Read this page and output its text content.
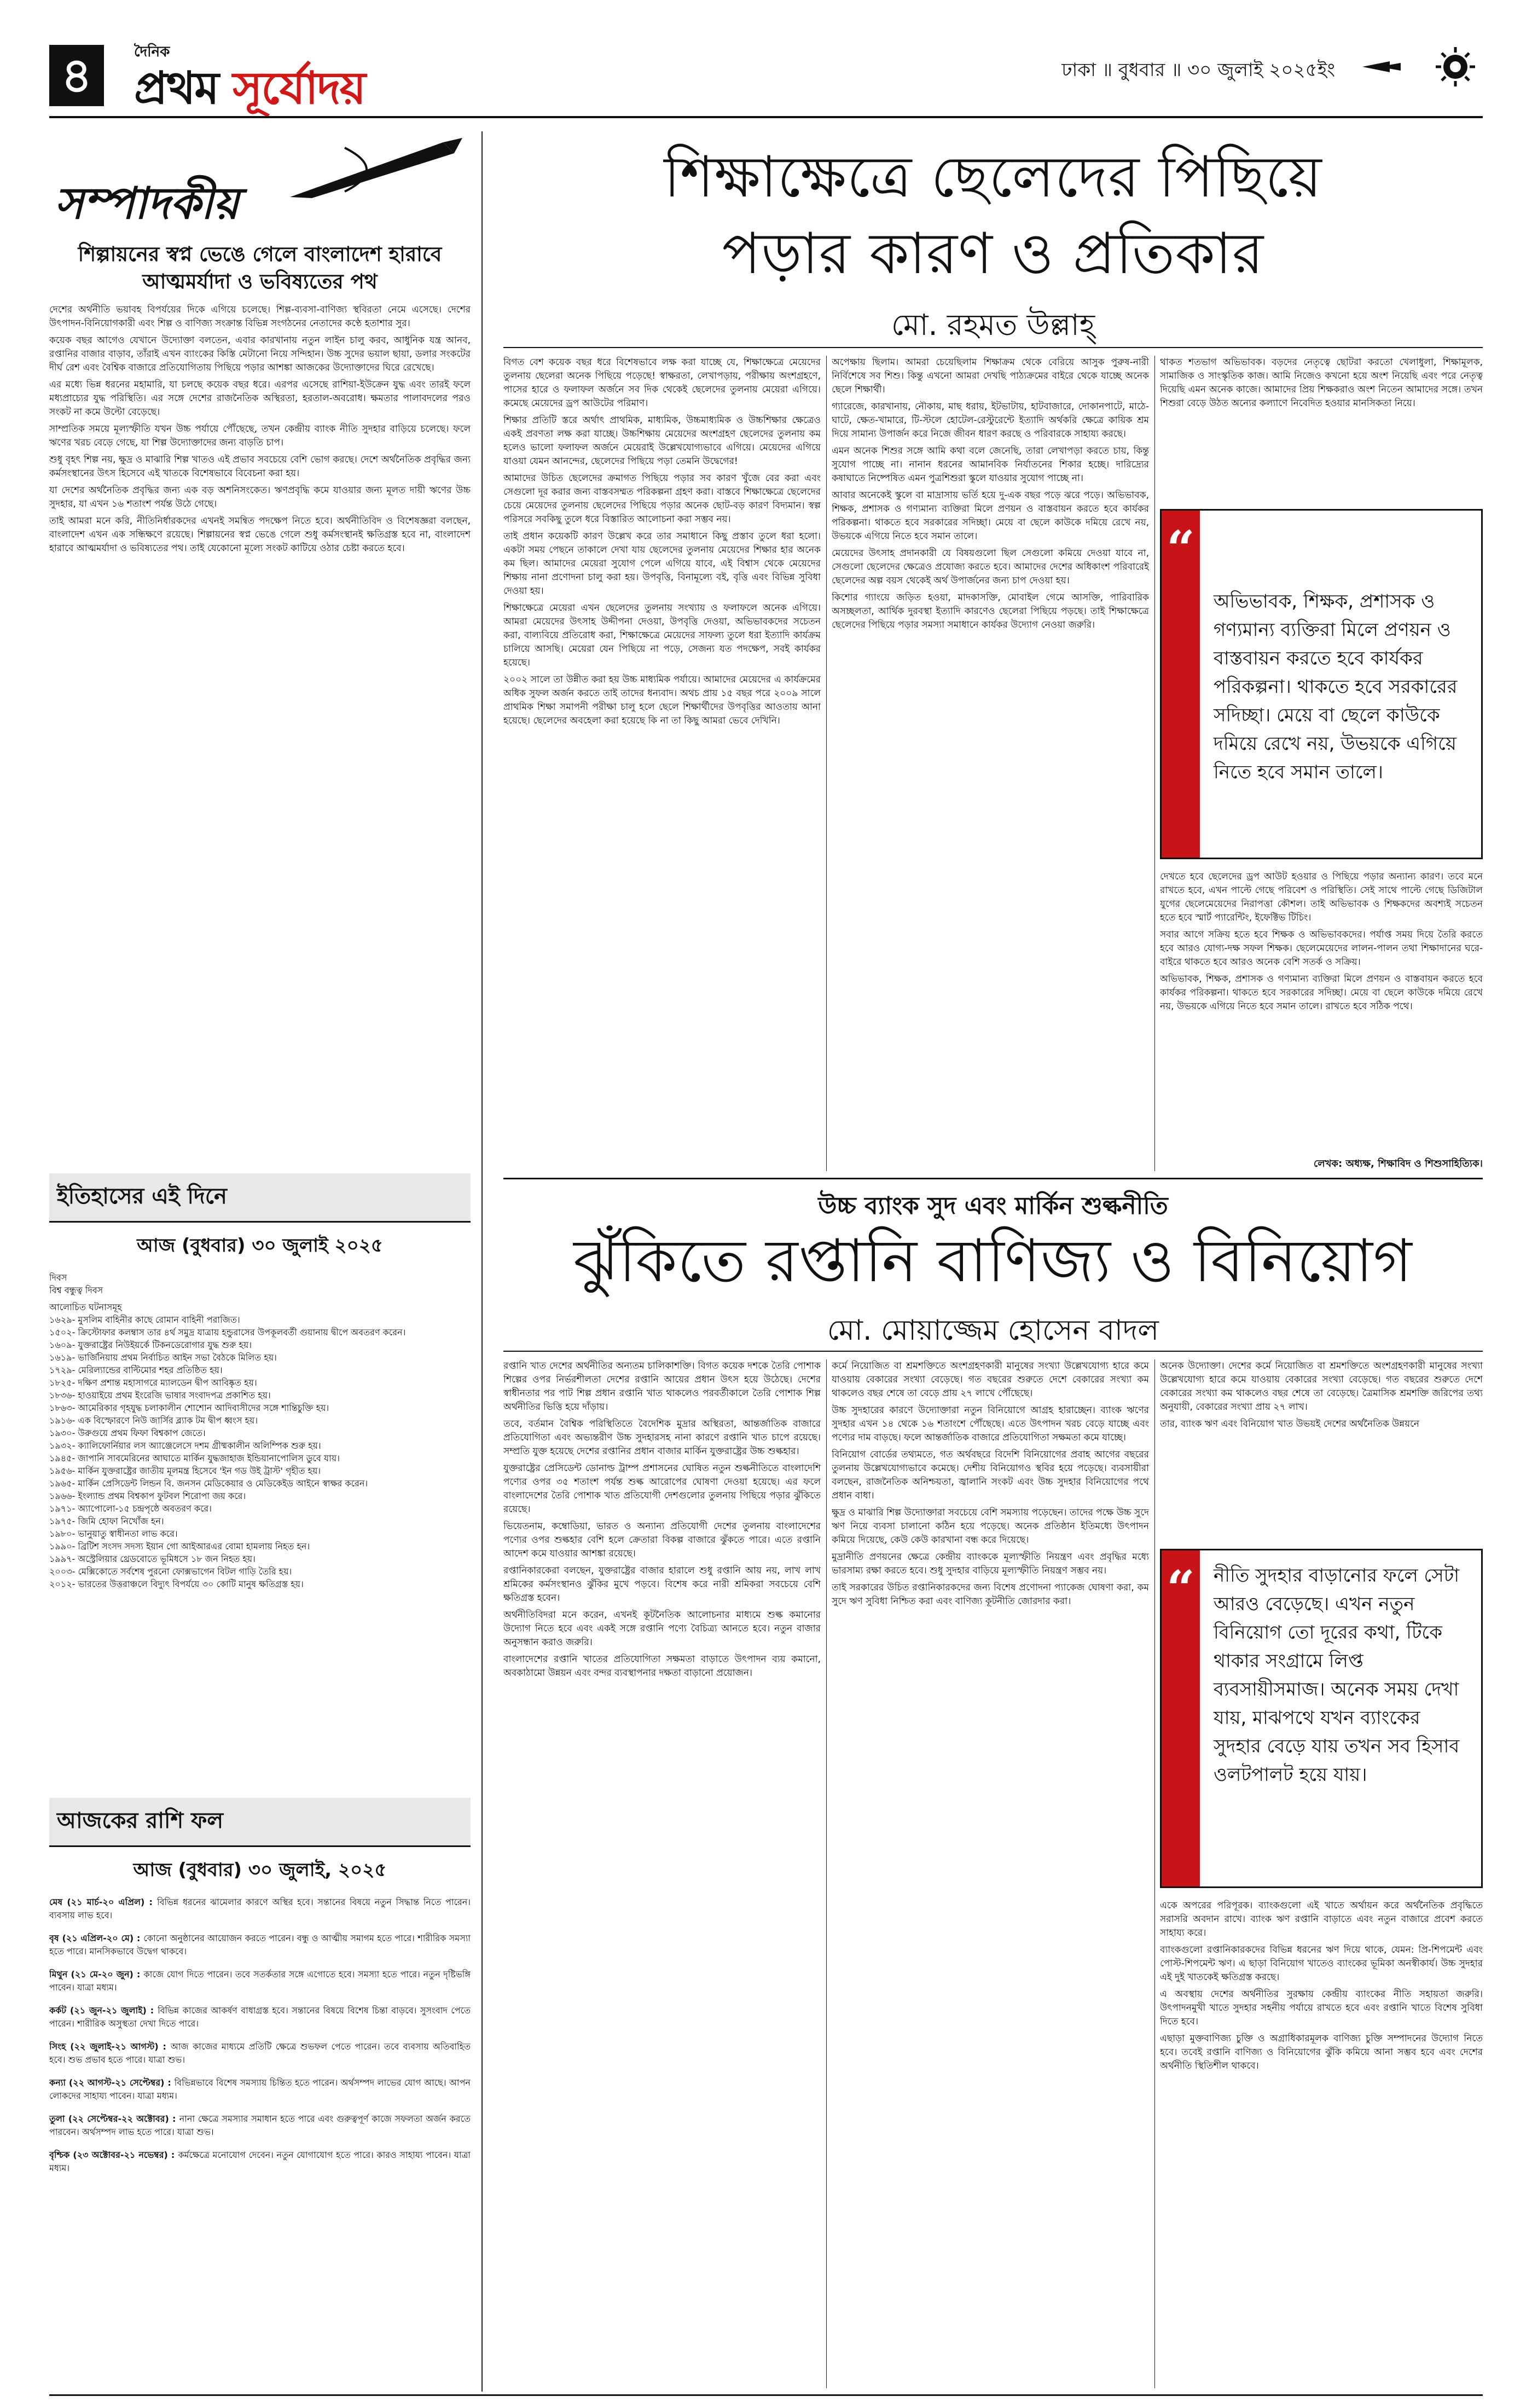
৪	দৈনিক
প্রথম সূর্যোদয়	ঢাকা ॥ বুধবার ॥ ৩০ জুলাই ২০২৫ইং
সম্পাদকীয়
শিল্পায়নের স্বপ্ন ভেঙে গেলে বাংলাদেশ হারাবে আত্মমর্যাদা ও ভবিষ্যতের পথ

দেশের অর্থনীতি ভয়াবহ বিপর্যয়ের দিকে এগিয়ে চলেছে। শিল্প-ব্যবসা-বাণিজ্য স্থবিরতা নেমে এসেছে। দেশের উৎপাদন-বিনিয়োগকারী এবং শিল্প ও বাণিজ্য সংক্রান্ত বিভিন্ন সংগঠনের নেতাদের কণ্ঠে হতাশার সুর।

কয়েক বছর আগেও যেখানে উদ্যোক্তা বলতেন, এবার কারখানায় নতুন লাইন চালু করব, আধুনিক যন্ত্র আনব, রপ্তানির বাজার বাড়াব, তাঁরাই এখন ব্যাংকের কিস্তি মেটানো নিয়ে সন্দিহান। উচ্চ সুদের ভয়াল ছায়া, ডলার সংকটের দীর্ঘ রেশ এবং বৈশ্বিক বাজারে প্রতিযোগিতায় পিছিয়ে পড়ার আশঙ্কা আজকের উদ্যোক্তাদের ঘিরে রেখেছে।

এর মধ্যে ভিন্ন ধরনের মহামারি, যা চলছে কয়েক বছর ধরে। এরপর এসেছে রাশিয়া-ইউক্রেন যুদ্ধ এবং তারই ফলে মধ্যপ্রাচ্যের যুদ্ধ পরিস্থিতি। এর সঙ্গে দেশের রাজনৈতিক অস্থিরতা, হরতাল-অবরোধ। ক্ষমতার পালাবদলের পরও সংকট না কমে উল্টো বেড়েছে।

সাম্প্রতিক সময়ে মূল্যস্ফীতি যখন উচ্চ পর্যায়ে পৌঁছেছে, তখন কেন্দ্রীয় ব্যাংক নীতি সুদহার বাড়িয়ে চলেছে। ফলে ঋণের খরচ বেড়ে গেছে, যা শিল্প উদ্যোক্তাদের জন্য বাড়তি চাপ।

শুধু বৃহৎ শিল্প নয়, ক্ষুদ্র ও মাঝারি শিল্প খাতও এই প্রভাব সবচেয়ে বেশি ভোগ করছে। দেশে অর্থনৈতিক প্রবৃদ্ধির জন্য কর্মসংস্থানের উৎস হিসেবে এই খাতকে বিশেষভাবে বিবেচনা করা হয়।

যা দেশের অর্থনৈতিক প্রবৃদ্ধির জন্য এক বড় অশনিসংকেত। ঋণপ্রবৃদ্ধি কমে যাওয়ার জন্য মূলত দায়ী ঋণের উচ্চ সুদহার, যা এখন ১৬ শতাংশ পর্যন্ত উঠে গেছে।

তাই আমরা মনে করি, নীতিনির্ধারকদের এখনই সমন্বিত পদক্ষেপ নিতে হবে। অর্থনীতিবিদ ও বিশেষজ্ঞরা বলছেন, বাংলাদেশ এখন এক সন্ধিক্ষণে রয়েছে। শিল্পায়নের স্বপ্ন ভেঙে গেলে শুধু কর্মসংস্থানই ক্ষতিগ্রস্ত হবে না, বাংলাদেশ হারাবে আত্মমর্যাদা ও ভবিষ্যতের পথ। তাই যেকোনো মূল্যে সংকট কাটিয়ে ওঠার চেষ্টা করতে হবে।

ইতিহাসের এই দিনে
আজ (বুধবার) ৩০ জুলাই ২০২৫
দিবস
বিশ্ব বন্ধুত্ব দিবস
আলোচিত ঘটনাসমূহ
১৬২৯- মুসলিম বাহিনীর কাছে রোমান বাহিনী পরাজিত।
১৫০২- ক্রিস্টোফার কলম্বাস তার ৪র্থ সমুদ্র যাত্রায় হন্ডুরাসের উপকূলবর্তী গুয়ানায় দ্বীপে অবতরণ করেন।
১৬০৯- যুক্তরাষ্ট্রের নিউইয়র্কে টিকনডেরোগার যুদ্ধ শুরু হয়।
১৬১৯- ভার্জিনিয়ায় প্রথম নির্বাচিত আইন সভা বৈঠকে মিলিত হয়।
১৭২৯- মেরিল্যান্ডের বাল্টিমোর শহর প্রতিষ্ঠিত হয়।
১৮২৫- দক্ষিণ প্রশান্ত মহাসাগরে ম্যালডেন দ্বীপ আবিষ্কৃত হয়।
১৮৩৬- হাওয়াইয়ে প্রথম ইংরেজি ভাষার সংবাদপত্র প্রকাশিত হয়।
১৮৬৩- আমেরিকার গৃহযুদ্ধ চলাকালীন শোশোন আদিবাসীদের সঙ্গে শান্তিচুক্তি হয়।
১৯১৬- এক বিস্ফোরণে নিউ জার্সির ব্ল্যাক টম দ্বীপ ধ্বংস হয়।
১৯৩০- উরুগুয়ে প্রথম ফিফা বিশ্বকাপ জেতে।
১৯৩২- ক্যালিফোর্নিয়ার লস অ্যাঞ্জেলেসে দশম গ্রীষ্মকালীন অলিম্পিক শুরু হয়।
১৯৪৫- জাপানি সাবমেরিনের আঘাতে মার্কিন যুদ্ধজাহাজ ইন্ডিয়ানাপোলিস ডুবে যায়।
১৯৫৬- মার্কিন যুক্তরাষ্ট্রের জাতীয় মূলমন্ত্র হিসেবে 'ইন গড উই ট্রাস্ট' গৃহীত হয়।
১৯৬৫- মার্কিন প্রেসিডেন্ট লিন্ডন বি. জনসন মেডিকেয়ার ও মেডিকেইড আইনে স্বাক্ষর করেন।
১৯৬৬- ইংল্যান্ড প্রথম বিশ্বকাপ ফুটবল শিরোপা জয় করে।
১৯৭১- অ্যাপোলো-১৫ চন্দ্রপৃষ্ঠে অবতরণ করে।
১৯৭৫- জিমি হোফা নিখোঁজ হন।
১৯৮০- ভানুয়াতু স্বাধীনতা লাভ করে।
১৯৯০- ব্রিটিশ সংসদ সদস্য ইয়ান গো আইআরএর বোমা হামলায় নিহত হন।
১৯৯৭- অস্ট্রেলিয়ার থ্রেডবোতে ভূমিধসে ১৮ জন নিহত হয়।
২০০৩- মেক্সিকোতে সর্বশেষ পুরনো ফোক্সভাগেন বিটল গাড়ি তৈরি হয়।
২০১২- ভারতের উত্তরাঞ্চলে বিদ্যুৎ বিপর্যয়ে ৩০ কোটি মানুষ ক্ষতিগ্রস্ত হয়।
আজকের রাশি ফল
আজ (বুধবার) ৩০ জুলাই, ২০২৫

মেষ (২১ মার্চ-২০ এপ্রিল) : বিভিন্ন ধরনের ঝামেলার কারণে অস্থির হবে। সন্তানের বিষয়ে নতুন সিদ্ধান্ত নিতে পারেন। ব্যবসায় লাভ হবে।

বৃষ (২১ এপ্রিল-২০ মে) : কোনো অনুষ্ঠানের আয়োজন করতে পারেন। বন্ধু ও আত্মীয় সমাগম হতে পারে। শারীরিক সমস্যা হতে পারে। মানসিকভাবে উদ্বেগ থাকবে।

মিথুন (২১ মে-২০ জুন) : কাজে যোগ দিতে পারেন। তবে সতর্কতার সঙ্গে এগোতে হবে। সমস্যা হতে পারে। নতুন দৃষ্টিভঙ্গি পাবেন। যাত্রা মধ্যম।

কর্কট (২১ জুন-২১ জুলাই) : বিভিন্ন কাজের আকর্ষণ বাধাগ্রস্ত হবে। সন্তানের বিষয়ে বিশেষ চিন্তা বাড়বে। সুসংবাদ পেতে পারেন। শারীরিক অসুস্থতা দেখা দিতে পারে।

সিংহ (২২ জুলাই-২১ আগস্ট) : আজ কাজের মাধ্যমে প্রতিটি ক্ষেত্রে শুভফল পেতে পারেন। তবে ব্যবসায় অতিবাহিত হবে। শুভ প্রভাব হতে পারে। যাত্রা শুভ।

কন্যা (২২ আগস্ট-২১ সেপ্টেম্বর) : বিভিন্নভাবে বিশেষ সমস্যায় চিন্তিত হতে পারেন। অর্থসম্পদ লাভের যোগ আছে। আপন লোকদের সাহায্য পাবেন। যাত্রা মধ্যম।

তুলা (২২ সেপ্টেম্বর-২২ অক্টোবর) : নানা ক্ষেত্রে সমস্যার সমাধান হতে পারে এবং গুরুত্বপূর্ণ কাজে সফলতা অর্জন করতে পারবেন। অর্থসম্পদ লাভ হতে পারে। যাত্রা শুভ।

বৃশ্চিক (২৩ অক্টোবর-২১ নভেম্বর) : কর্মক্ষেত্রে মনোযোগ দেবেন। নতুন যোগাযোগ হতে পারে। কারও সাহায্য পাবেন। যাত্রা মধ্যম।

শিক্ষাক্ষেত্রে ছেলেদের পিছিয়ে
পড়ার কারণ ও প্রতিকার
মো. রহমত উল্লাহ্‌

বিগত বেশ কয়েক বছর ধরে বিশেষভাবে লক্ষ করা যাচ্ছে যে, শিক্ষাক্ষেত্রে মেয়েদের তুলনায় ছেলেরা অনেক পিছিয়ে পড়েছে! স্বাক্ষরতা, লেখাপড়ায়, পরীক্ষায় অংশগ্রহণে, পাসের হারে ও ফলাফল অর্জনে সব দিক থেকেই ছেলেদের তুলনায় মেয়েরা এগিয়ে। কমেছে মেয়েদের ড্রপ আউটের পরিমাণ।

শিক্ষার প্রতিটি স্তরে অর্থাৎ প্রাথমিক, মাধ্যমিক, উচ্চমাধ্যমিক ও উচ্চশিক্ষার ক্ষেত্রেও একই প্রবণতা লক্ষ করা যাচ্ছে। উচ্চশিক্ষায় মেয়েদের অংশগ্রহণ ছেলেদের তুলনায় কম হলেও ভালো ফলাফল অর্জনে মেয়েরাই উল্লেখযোগ্যভাবে এগিয়ে। মেয়েদের এগিয়ে যাওয়া যেমন আনন্দের, ছেলেদের পিছিয়ে পড়া তেমনি উদ্বেগের!

আমাদের উচিত ছেলেদের ক্রমাগত পিছিয়ে পড়ার সব কারণ খুঁজে বের করা এবং সেগুলো দূর করার জন্য বাস্তবসম্মত পরিকল্পনা গ্রহণ করা। বাস্তবে শিক্ষাক্ষেত্রে ছেলেদের চেয়ে মেয়েদের তুলনায় ছেলেদের পিছিয়ে পড়ার অনেক ছোট-বড় কারণ বিদ্যমান। স্বল্প পরিসরে সবকিছু তুলে ধরে বিস্তারিত আলোচনা করা সম্ভব নয়।

তাই প্রধান কয়েকটি কারণ উল্লেখ করে তার সমাধানে কিছু প্রস্তাব তুলে ধরা হলো। একটা সময় পেছনে তাকালে দেখা যায় ছেলেদের তুলনায় মেয়েদের শিক্ষার হার অনেক কম ছিল। আমাদের মেয়েরা সুযোগ পেলে এগিয়ে যাবে, এই বিশ্বাস থেকে মেয়েদের শিক্ষায় নানা প্রণোদনা চালু করা হয়। উপবৃত্তি, বিনামূল্যে বই, বৃত্তি এবং বিভিন্ন সুবিধা দেওয়া হয়।

শিক্ষাক্ষেত্রে মেয়েরা এখন ছেলেদের তুলনায় সংখ্যায় ও ফলাফলে অনেক এগিয়ে। আমরা মেয়েদের উৎসাহ উদ্দীপনা দেওয়া, উপবৃত্তি দেওয়া, অভিভাবকদের সচেতন করা, বাল্যবিয়ে প্রতিরোধ করা, শিক্ষাক্ষেত্রে মেয়েদের সাফল্য তুলে ধরা ইত্যাদি কার্যক্রম চালিয়ে আসছি। মেয়েরা যেন পিছিয়ে না পড়ে, সেজন্য যত পদক্ষেপ, সবই কার্যকর হয়েছে।

২০০২ সালে তা উন্নীত করা হয় উচ্চ মাধ্যমিক পর্যায়ে। আমাদের মেয়েদের এ কার্যক্রমের অধিক সুফল অর্জন করতে তাই তাদের ধন্যবাদ। অথচ প্রায় ১৫ বছর পরে ২০০৯ সালে প্রাথমিক শিক্ষা সমাপনী পরীক্ষা চালু হলে ছেলে শিক্ষার্থীদের উপবৃত্তির আওতায় আনা হয়েছে। ছেলেদের অবহেলা করা হয়েছে কি না তা কিছু আমরা ভেবে দেখিনি।

অপেক্ষায় ছিলাম। আমরা চেয়েছিলাম শিক্ষাক্রম থেকে বেরিয়ে আসুক পুরুষ-নারী নির্বিশেষে সব শিশু। কিন্তু এখনো আমরা দেখছি পাঠ্যক্রমের বাইরে থেকে যাচ্ছে অনেক ছেলে শিক্ষার্থী।

গ্যারেজে, কারখানায়, নৌকায়, মাছ ধরায়, ইটভাটায়, হাটবাজারে, দোকানপাটে, মাঠে-ঘাটে, ক্ষেত-খামারে, টি-স্টলে হোটেল-রেস্টুরেন্টে ইত্যাদি অর্থকরি ক্ষেত্রে কায়িক শ্রম দিয়ে সামান্য উপার্জন করে নিজে জীবন ধারণ করছে ও পরিবারকে সাহায্য করছে।

এমন অনেক শিশুর সঙ্গে আমি কথা বলে জেনেছি, তারা লেখাপড়া করতে চায়, কিন্তু সুযোগ পাচ্ছে না। নানান ধরনের আমানবিক নির্যাতনের শিকার হচ্ছে। দারিদ্র্যের কষাঘাতে নিষ্পেষিত এমন পুত্রশিশুরা স্কুলে যাওয়ার সুযোগ পাচ্ছে না।

আবার অনেকেই স্কুলে বা মাদ্রাসায় ভর্তি হয়ে দু-এক বছর পড়ে ঝরে পড়ে। অভিভাবক, শিক্ষক, প্রশাসক ও গণ্যমান্য ব্যক্তিরা মিলে প্রণয়ন ও বাস্তবায়ন করতে হবে কার্যকর পরিকল্পনা। থাকতে হবে সরকারের সদিচ্ছা। মেয়ে বা ছেলে কাউকে দমিয়ে রেখে নয়, উভয়কে এগিয়ে নিতে হবে সমান তালে।

মেয়েদের উৎসাহ প্রদানকারী যে বিষয়গুলো ছিল সেগুলো কমিয়ে দেওয়া যাবে না, সেগুলো ছেলেদের ক্ষেত্রেও প্রযোজ্য করতে হবে। আমাদের দেশের অধিকাংশ পরিবারেই ছেলেদের অল্প বয়স থেকেই অর্থ উপার্জনের জন্য চাপ দেওয়া হয়।

কিশোর গ্যাংয়ে জড়িত হওয়া, মাদকাসক্তি, মোবাইল গেমে আসক্তি, পারিবারিক অসচ্ছলতা, আর্থিক দুরবস্থা ইত্যাদি কারণেও ছেলেরা পিছিয়ে পড়ছে। তাই শিক্ষাক্ষেত্রে ছেলেদের পিছিয়ে পড়ার সমস্যা সমাধানে কার্যকর উদ্যোগ নেওয়া জরুরি।

থাকত শতভাগ অভিভাবক। বড়দের নেতৃত্বে ছোটরা করতো খেলাধুলা, শিক্ষামূলক, সামাজিক ও সাংস্কৃতিক কাজ। আমি নিজেও কখনো হয়ে অংশ নিয়েছি এবং পরে নেতৃত্ব দিয়েছি এমন অনেক কাজে। আমাদের প্রিয় শিক্ষকরাও অংশ নিতেন আমাদের সঙ্গে। তখন শিশুরা বেড়ে উঠত অন্যের কল্যাণে নিবেদিত হওয়ার মানসিকতা নিয়ে।

“
অভিভাবক, শিক্ষক, প্রশাসক ও গণ্যমান্য ব্যক্তিরা মিলে প্রণয়ন ও বাস্তবায়ন করতে হবে কার্যকর পরিকল্পনা। থাকতে হবে সরকারের সদিচ্ছা। মেয়ে বা ছেলে কাউকে দমিয়ে রেখে নয়, উভয়কে এগিয়ে নিতে হবে সমান তালে।

দেখতে হবে ছেলেদের ড্রপ আউট হওয়ার ও পিছিয়ে পড়ার অন্যান্য কারণ। তবে মনে রাখতে হবে, এখন পাল্টে গেছে পরিবেশ ও পরিস্থিতি। সেই সাথে পাল্টে গেছে ডিজিটাল যুগের ছেলেমেয়েদের নিরাপত্তা কৌশল। তাই অভিভাবক ও শিক্ষকদের অবশ্যই সচেতন হতে হবে স্মার্ট প্যারেন্টিং, ইফেক্টিভ টিচিং।

সবার আগে সক্রিয় হতে হবে শিক্ষক ও অভিভাবকদের। পর্যাপ্ত সময় দিয়ে তৈরি করতে হবে আরও যোগ্য-দক্ষ সফল শিক্ষক। ছেলেমেয়েদের লালন-পালন তথা শিক্ষাদানের ঘরে-বাইরে থাকতে হবে আরও অনেক বেশি সতর্ক ও সক্রিয়।

অভিভাবক, শিক্ষক, প্রশাসক ও গণ্যমান্য ব্যক্তিরা মিলে প্রণয়ন ও বাস্তবায়ন করতে হবে কার্যকর পরিকল্পনা। থাকতে হবে সরকারের সদিচ্ছা। মেয়ে বা ছেলে কাউকে দমিয়ে রেখে নয়, উভয়কে এগিয়ে নিতে হবে সমান তালে। রাখতে হবে সঠিক পথে।

লেখক: অধ্যক্ষ, শিক্ষাবিদ ও শিশুসাহিত্যিক।
উচ্চ ব্যাংক সুদ এবং মার্কিন শুল্কনীতি
ঝুঁকিতে রপ্তানি বাণিজ্য ও বিনিয়োগ
মো. মোয়াজ্জেম হোসেন বাদল

রপ্তানি খাত দেশের অর্থনীতির অন্যতম চালিকাশক্তি। বিগত কয়েক দশকে তৈরি পোশাক শিল্পের ওপর নির্ভরশীলতা দেশের রপ্তানি আয়ের প্রধান উৎস হয়ে উঠেছে। দেশের স্বাধীনতার পর পাট শিল্প প্রধান রপ্তানি খাত থাকলেও পরবর্তীকালে তৈরি পোশাক শিল্প অর্থনীতির ভিত্তি হয়ে দাঁড়ায়।

তবে, বর্তমান বৈশ্বিক পরিস্থিতিতে বৈদেশিক মুদ্রার অস্থিরতা, আন্তর্জাতিক বাজারে প্রতিযোগিতা এবং অভ্যন্তরীণ উচ্চ সুদহারসহ নানা কারণে রপ্তানি খাত চাপে রয়েছে। সম্প্রতি যুক্ত হয়েছে দেশের রপ্তানির প্রধান বাজার মার্কিন যুক্তরাষ্ট্রের উচ্চ শুল্কহার।

যুক্তরাষ্ট্রের প্রেসিডেন্ট ডোনাল্ড ট্রাম্প প্রশাসনের ঘোষিত নতুন শুল্কনীতিতে বাংলাদেশি পণ্যের ওপর ৩৫ শতাংশ পর্যন্ত শুল্ক আরোপের ঘোষণা দেওয়া হয়েছে। এর ফলে বাংলাদেশের তৈরি পোশাক খাত প্রতিযোগী দেশগুলোর তুলনায় পিছিয়ে পড়ার ঝুঁকিতে রয়েছে।

ভিয়েতনাম, কম্বোডিয়া, ভারত ও অন্যান্য প্রতিযোগী দেশের তুলনায় বাংলাদেশের পণ্যের ওপর শুল্কহার বেশি হলে ক্রেতারা বিকল্প বাজারে ঝুঁকতে পারে। এতে রপ্তানি আদেশ কমে যাওয়ার আশঙ্কা রয়েছে।

রপ্তানিকারকেরা বলছেন, যুক্তরাষ্ট্রের বাজার হারালে শুধু রপ্তানি আয় নয়, লাখ লাখ শ্রমিকের কর্মসংস্থানও ঝুঁকির মুখে পড়বে। বিশেষ করে নারী শ্রমিকরা সবচেয়ে বেশি ক্ষতিগ্রস্ত হবেন।

অর্থনীতিবিদরা মনে করেন, এখনই কূটনৈতিক আলোচনার মাধ্যমে শুল্ক কমানোর উদ্যোগ নিতে হবে এবং একই সঙ্গে রপ্তানি পণ্যে বৈচিত্র্য আনতে হবে। নতুন বাজার অনুসন্ধান করাও জরুরি।

বাংলাদেশের রপ্তানি খাতের প্রতিযোগিতা সক্ষমতা বাড়াতে উৎপাদন ব্যয় কমানো, অবকাঠামো উন্নয়ন এবং বন্দর ব্যবস্থাপনার দক্ষতা বাড়ানো প্রয়োজন।

কর্মে নিয়োজিত বা শ্রমশক্তিতে অংশগ্রহণকারী মানুষের সংখ্যা উল্লেখযোগ্য হারে কমে যাওয়ায় বেকারের সংখ্যা বেড়েছে। গত বছরের শুরুতে দেশে বেকারের সংখ্যা কম থাকলেও বছর শেষে তা বেড়ে প্রায় ২৭ লাখে পৌঁছেছে।

উচ্চ সুদহারের কারণে উদ্যোক্তারা নতুন বিনিয়োগে আগ্রহ হারাচ্ছেন। ব্যাংক ঋণের সুদহার এখন ১৪ থেকে ১৬ শতাংশে পৌঁছেছে। এতে উৎপাদন খরচ বেড়ে যাচ্ছে এবং পণ্যের দাম বাড়ছে। ফলে আন্তর্জাতিক বাজারে প্রতিযোগিতা সক্ষমতা কমে যাচ্ছে।

বিনিয়োগ বোর্ডের তথ্যমতে, গত অর্থবছরে বিদেশি বিনিয়োগের প্রবাহ আগের বছরের তুলনায় উল্লেখযোগ্যভাবে কমেছে। দেশীয় বিনিয়োগও স্থবির হয়ে পড়েছে। ব্যবসায়ীরা বলছেন, রাজনৈতিক অনিশ্চয়তা, জ্বালানি সংকট এবং উচ্চ সুদহার বিনিয়োগের পথে প্রধান বাধা।

ক্ষুদ্র ও মাঝারি শিল্প উদ্যোক্তারা সবচেয়ে বেশি সমস্যায় পড়েছেন। তাদের পক্ষে উচ্চ সুদে ঋণ নিয়ে ব্যবসা চালানো কঠিন হয়ে পড়েছে। অনেক প্রতিষ্ঠান ইতিমধ্যে উৎপাদন কমিয়ে দিয়েছে, কেউ কেউ কারখানা বন্ধ করে দিয়েছে।

মুদ্রানীতি প্রণয়নের ক্ষেত্রে কেন্দ্রীয় ব্যাংককে মূল্যস্ফীতি নিয়ন্ত্রণ এবং প্রবৃদ্ধির মধ্যে ভারসাম্য রক্ষা করতে হবে। শুধু সুদহার বাড়িয়ে মূল্যস্ফীতি নিয়ন্ত্রণ সম্ভব নয়।

তাই সরকারের উচিত রপ্তানিকারকদের জন্য বিশেষ প্রণোদনা প্যাকেজ ঘোষণা করা, কম সুদে ঋণ সুবিধা নিশ্চিত করা এবং বাণিজ্য কূটনীতি জোরদার করা।

অনেক উদ্যোক্তা। দেশের কর্মে নিয়োজিত বা শ্রমশক্তিতে অংশগ্রহণকারী মানুষের সংখ্যা উল্লেখযোগ্য হারে কমে যাওয়ায় বেকারের সংখ্যা বেড়েছে। গত বছরের শুরুতে দেশে বেকারের সংখ্যা কম থাকলেও বছর শেষে তা বেড়েছে। ত্রৈমাসিক শ্রমশক্তি জরিপের তথ্য অনুযায়ী, বেকারের সংখ্যা প্রায় ২৭ লাখ।

তার, ব্যাংক ঋণ এবং বিনিয়োগ খাত উভয়ই দেশের অর্থনৈতিক উন্নয়নে

“ নীতি সুদহার বাড়ানোর ফলে সেটা আরও বেড়েছে। এখন নতুন বিনিয়োগ তো দূরের কথা, টিকে থাকার সংগ্রামে লিপ্ত ব্যবসায়ীসমাজ। অনেক সময় দেখা যায়, মাঝপথে যখন ব্যাংকের সুদহার বেড়ে যায় তখন সব হিসাব ওলটপালট হয়ে যায়।

একে অপরের পরিপূরক। ব্যাংকগুলো এই খাতে অর্থায়ন করে অর্থনৈতিক প্রবৃদ্ধিতে সরাসরি অবদান রাখে। ব্যাংক ঋণ রপ্তানি বাড়াতে এবং নতুন বাজারে প্রবেশ করতে সাহায্য করে।

ব্যাংকগুলো রপ্তানিকারকদের বিভিন্ন ধরনের ঋণ দিয়ে থাকে, যেমন: প্রি-শিপমেন্ট এবং পোস্ট-শিপমেন্ট ঋণ। এ ছাড়া বিনিয়োগ খাতেও ব্যাংকের ভূমিকা অনস্বীকার্য। উচ্চ সুদহার এই দুই খাতকেই ক্ষতিগ্রস্ত করছে।

এ অবস্থায় দেশের অর্থনীতির সুরক্ষায় কেন্দ্রীয় ব্যাংকের নীতি সহায়তা জরুরি। উৎপাদনমুখী খাতে সুদহার সহনীয় পর্যায়ে রাখতে হবে এবং রপ্তানি খাতে বিশেষ সুবিধা দিতে হবে।

এছাড়া মুক্তবাণিজ্য চুক্তি ও অগ্রাধিকারমূলক বাণিজ্য চুক্তি সম্পাদনের উদ্যোগ নিতে হবে। তবেই রপ্তানি বাণিজ্য ও বিনিয়োগের ঝুঁকি কমিয়ে আনা সম্ভব হবে এবং দেশের অর্থনীতি স্থিতিশীল থাকবে।
